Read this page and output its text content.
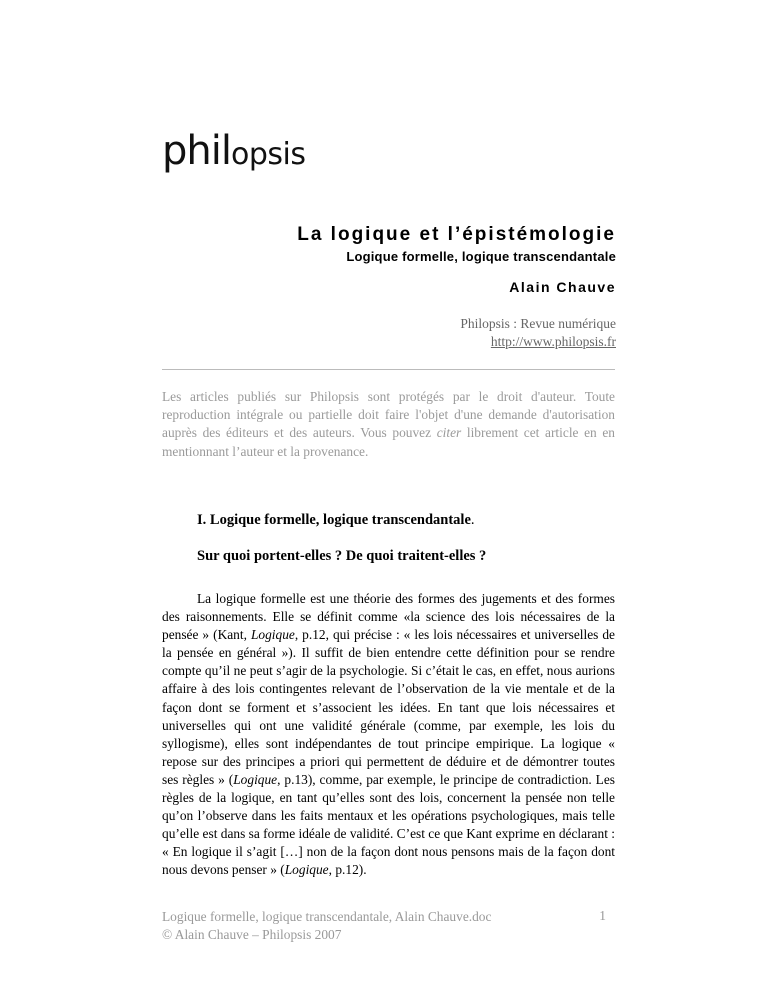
philopsis
La logique et l’épistémologie
Logique formelle, logique transcendantale
Alain Chauve
Philopsis : Revue numérique
http://www.philopsis.fr
Les articles publiés sur Philopsis sont protégés par le droit d'auteur. Toute reproduction intégrale ou partielle doit faire l'objet d'une demande d'autorisation auprès des éditeurs et des auteurs. Vous pouvez citer librement cet article en en mentionnant l’auteur et la provenance.
I. Logique formelle, logique transcendantale.
Sur quoi portent-elles ? De quoi traitent-elles ?
La logique formelle est une théorie des formes des jugements et des formes des raisonnements. Elle se définit comme «la science des lois nécessaires de la pensée » (Kant, Logique, p.12, qui précise : « les lois nécessaires et universelles de la pensée en général »). Il suffit de bien entendre cette définition pour se rendre compte qu’il ne peut s’agir de la psychologie. Si c’était le cas, en effet, nous aurions affaire à des lois contingentes relevant de l’observation de la vie mentale et de la façon dont se forment et s’associent les idées. En tant que lois nécessaires et universelles qui ont une validité générale (comme, par exemple, les lois du syllogisme), elles sont indépendantes de tout principe empirique. La logique « repose sur des principes a priori qui permettent de déduire et de démontrer toutes ses règles » (Logique, p.13), comme, par exemple, le principe de contradiction. Les règles de la logique, en tant qu’elles sont des lois, concernent la pensée non telle qu’on l’observe dans les faits mentaux et les opérations psychologiques, mais telle qu’elle est dans sa forme idéale de validité. C’est ce que Kant exprime en déclarant : « En logique il s’agit […] non de la façon dont nous pensons mais de la façon dont nous devons penser » (Logique, p.12).
Logique formelle, logique transcendantale, Alain Chauve.doc
© Alain Chauve – Philopsis 2007
1
